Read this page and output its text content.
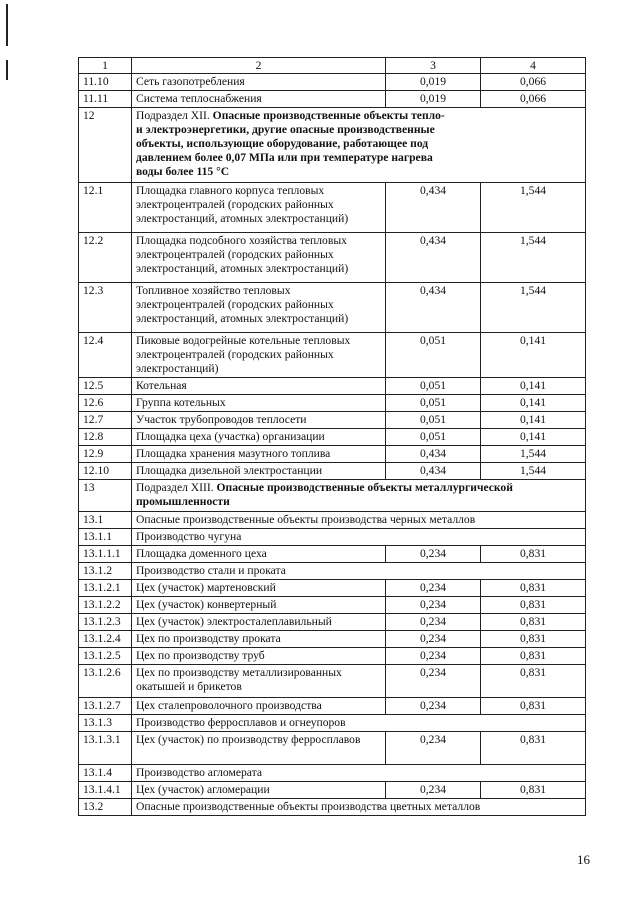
1	2	3	4
11.10	Сеть газопотребления	0,019	0,066
11.11	Система теплоснабжения	0,019	0,066
12	Подраздел XII. Опасные производственные объекты тепло-
и электроэнергетики, другие опасные производственные
объекты, использующие оборудование, работающее под
давлением более 0,07 МПа или при температуре нагрева
воды более 115 °С		
12.1	Площадка главного корпуса тепловых электроцентралей (городских районных электростанций, атомных электростанций)	0,434	1,544
12.2	Площадка подсобного хозяйства тепловых электроцентралей (городских районных электростанций, атомных электростанций)	0,434	1,544
12.3	Топливное хозяйство тепловых электроцентралей (городских районных электростанций, атомных электростанций)	0,434	1,544
12.4	Пиковые водогрейные котельные тепловых электроцентралей (городских районных электростанций)	0,051	0,141
12.5	Котельная	0,051	0,141
12.6	Группа котельных	0,051	0,141
12.7	Участок трубопроводов теплосети	0,051	0,141
12.8	Площадка цеха (участка) организации	0,051	0,141
12.9	Площадка хранения мазутного топлива	0,434	1,544
12.10	Площадка дизельной электростанции	0,434	1,544
13	Подраздел XIII. Опасные производственные объекты металлургической
промышленности		
13.1	Опасные производственные объекты производства черных металлов		
13.1.1	Производство чугуна		
13.1.1.1	Площадка доменного цеха	0,234	0,831
13.1.2	Производство стали и проката		
13.1.2.1	Цех (участок) мартеновский	0,234	0,831
13.1.2.2	Цех (участок) конвертерный	0,234	0,831
13.1.2.3	Цех (участок) электросталеплавильный	0,234	0,831
13.1.2.4	Цех по производству проката	0,234	0,831
13.1.2.5	Цех по производству труб	0,234	0,831
13.1.2.6	Цех по производству металлизированных окатышей и брикетов	0,234	0,831
13.1.2.7	Цех сталепроволочного производства	0,234	0,831
13.1.3	Производство ферросплавов и огнеупоров		
13.1.3.1	Цех (участок) по производству ферросплавов	0,234	0,831
13.1.4	Производство агломерата		
13.1.4.1	Цех (участок) агломерации	0,234	0,831
13.2	Опасные производственные объекты производства цветных металлов		
16
